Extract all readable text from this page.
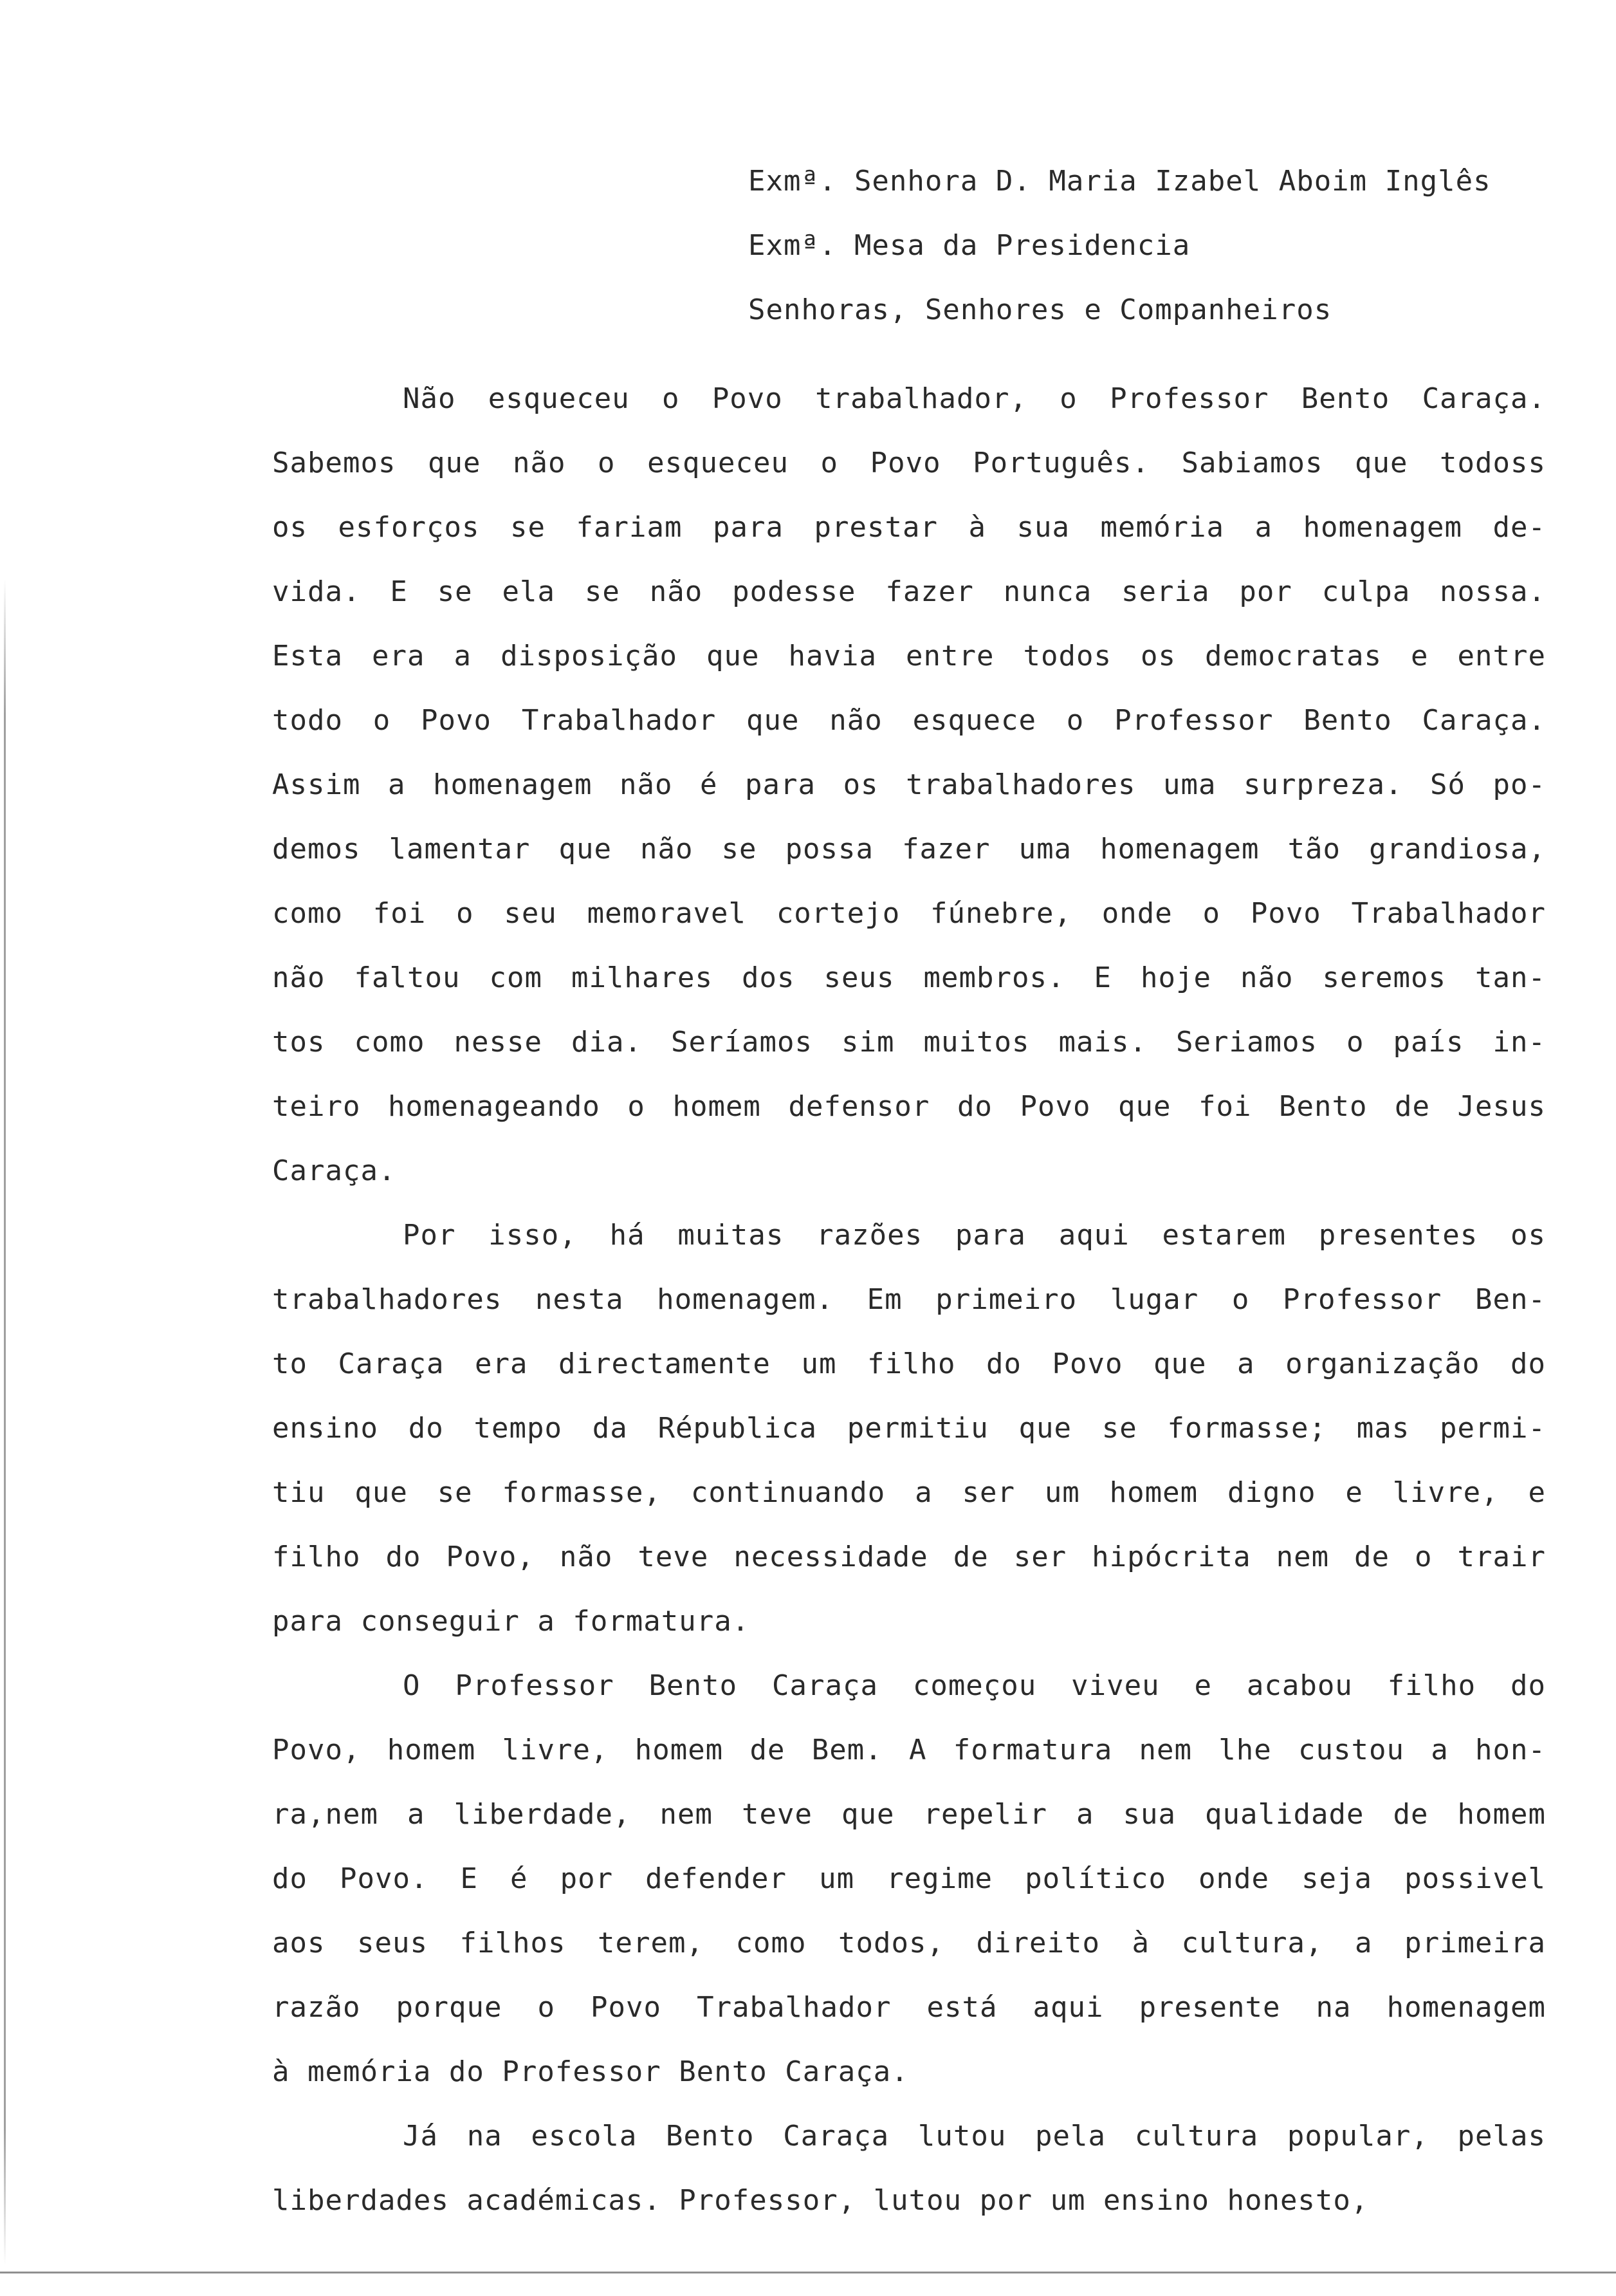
Exmª. Senhora D. Maria Izabel Aboim Inglês
Exmª. Mesa da Presidencia
Senhoras, Senhores e Companheiros
Não esqueceu o Povo trabalhador, o Professor Bento Caraça.
Sabemos que não o esqueceu o Povo Português. Sabiamos que todoss
os esforços se fariam para prestar à sua memória a homenagem de-
vida. E se ela se não podesse fazer nunca seria por culpa nossa.
Esta era a disposição que havia entre todos os democratas e entre
todo o Povo Trabalhador que não esquece o Professor Bento Caraça.
Assim a homenagem não é para os trabalhadores uma surpreza. Só po-
demos lamentar que não se possa fazer uma homenagem tão grandiosa,
como foi o seu memoravel cortejo fúnebre, onde o Povo Trabalhador
não faltou com milhares dos seus membros. E hoje não seremos tan-
tos como nesse dia. Seríamos sim muitos mais. Seriamos o país in-
teiro homenageando o homem defensor do Povo que foi Bento de Jesus
Caraça.
Por isso, há muitas razões para aqui estarem presentes os
trabalhadores nesta homenagem. Em primeiro lugar o Professor Ben-
to Caraça era directamente um filho do Povo que a organização do
ensino do tempo da Républica permitiu que se formasse; mas permi-
tiu que se formasse, continuando a ser um homem digno e livre, e
filho do Povo, não teve necessidade de ser hipócrita nem de o trair
para conseguir a formatura.
O Professor Bento Caraça começou viveu e acabou filho do
Povo, homem livre, homem de Bem. A formatura nem lhe custou a hon-
ra,nem a liberdade, nem teve que repelir a sua qualidade de homem
do Povo. E é por defender um regime político onde seja possivel
aos seus filhos terem, como todos, direito à cultura, a primeira
razão porque o Povo Trabalhador está aqui presente na homenagem
à memória do Professor Bento Caraça.
Já na escola Bento Caraça lutou pela cultura popular, pelas
liberdades académicas. Professor, lutou por um ensino honesto,
